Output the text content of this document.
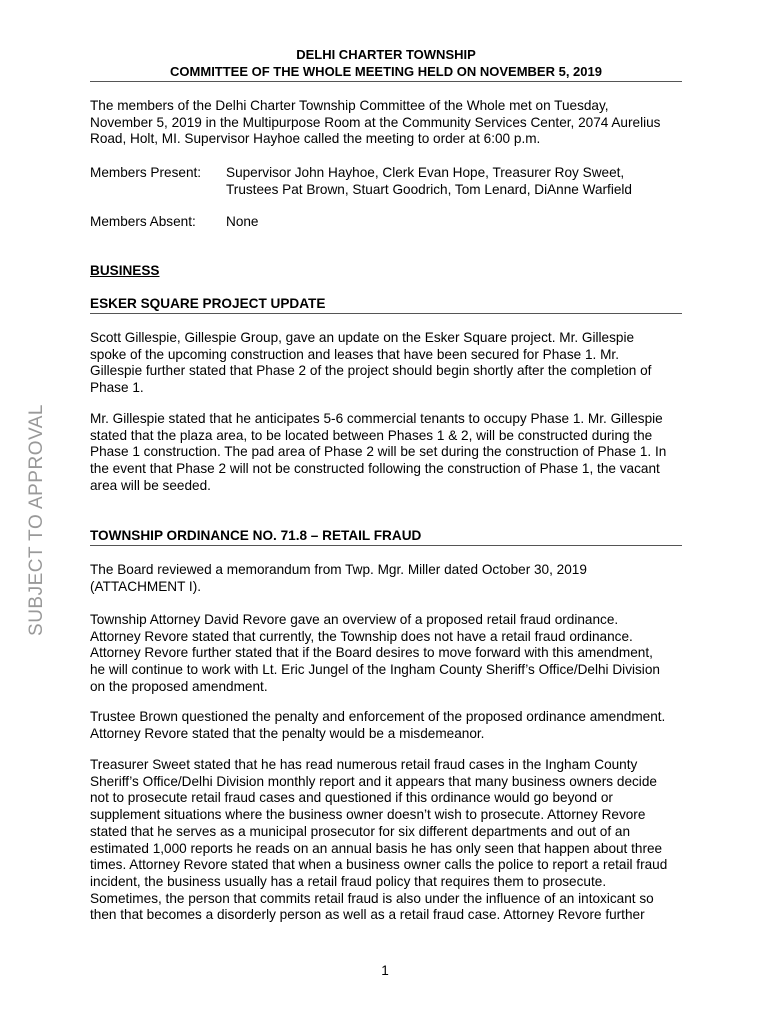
DELHI CHARTER TOWNSHIP
COMMITTEE OF THE WHOLE MEETING HELD ON NOVEMBER 5, 2019
The members of the Delhi Charter Township Committee of the Whole met on Tuesday,
November 5, 2019 in the Multipurpose Room at the Community Services Center, 2074 Aurelius
Road, Holt, MI. Supervisor Hayhoe called the meeting to order at 6:00 p.m.
Members Present: Supervisor John Hayhoe, Clerk Evan Hope, Treasurer Roy Sweet,
Trustees Pat Brown, Stuart Goodrich, Tom Lenard, DiAnne Warfield
Members Absent: None
BUSINESS
ESKER SQUARE PROJECT UPDATE
Scott Gillespie, Gillespie Group, gave an update on the Esker Square project. Mr. Gillespie
spoke of the upcoming construction and leases that have been secured for Phase 1. Mr.
Gillespie further stated that Phase 2 of the project should begin shortly after the completion of
Phase 1.
Mr. Gillespie stated that he anticipates 5-6 commercial tenants to occupy Phase 1. Mr. Gillespie
stated that the plaza area, to be located between Phases 1 & 2, will be constructed during the
Phase 1 construction. The pad area of Phase 2 will be set during the construction of Phase 1. In
the event that Phase 2 will not be constructed following the construction of Phase 1, the vacant
area will be seeded.
TOWNSHIP ORDINANCE NO. 71.8 – RETAIL FRAUD
The Board reviewed a memorandum from Twp. Mgr. Miller dated October 30, 2019
(ATTACHMENT I).
Township Attorney David Revore gave an overview of a proposed retail fraud ordinance.
Attorney Revore stated that currently, the Township does not have a retail fraud ordinance.
Attorney Revore further stated that if the Board desires to move forward with this amendment,
he will continue to work with Lt. Eric Jungel of the Ingham County Sheriff’s Office/Delhi Division
on the proposed amendment.
Trustee Brown questioned the penalty and enforcement of the proposed ordinance amendment.
Attorney Revore stated that the penalty would be a misdemeanor.
Treasurer Sweet stated that he has read numerous retail fraud cases in the Ingham County
Sheriff’s Office/Delhi Division monthly report and it appears that many business owners decide
not to prosecute retail fraud cases and questioned if this ordinance would go beyond or
supplement situations where the business owner doesn’t wish to prosecute. Attorney Revore
stated that he serves as a municipal prosecutor for six different departments and out of an
estimated 1,000 reports he reads on an annual basis he has only seen that happen about three
times. Attorney Revore stated that when a business owner calls the police to report a retail fraud
incident, the business usually has a retail fraud policy that requires them to prosecute.
Sometimes, the person that commits retail fraud is also under the influence of an intoxicant so
then that becomes a disorderly person as well as a retail fraud case. Attorney Revore further
SUBJECT TO APPROVAL
1
